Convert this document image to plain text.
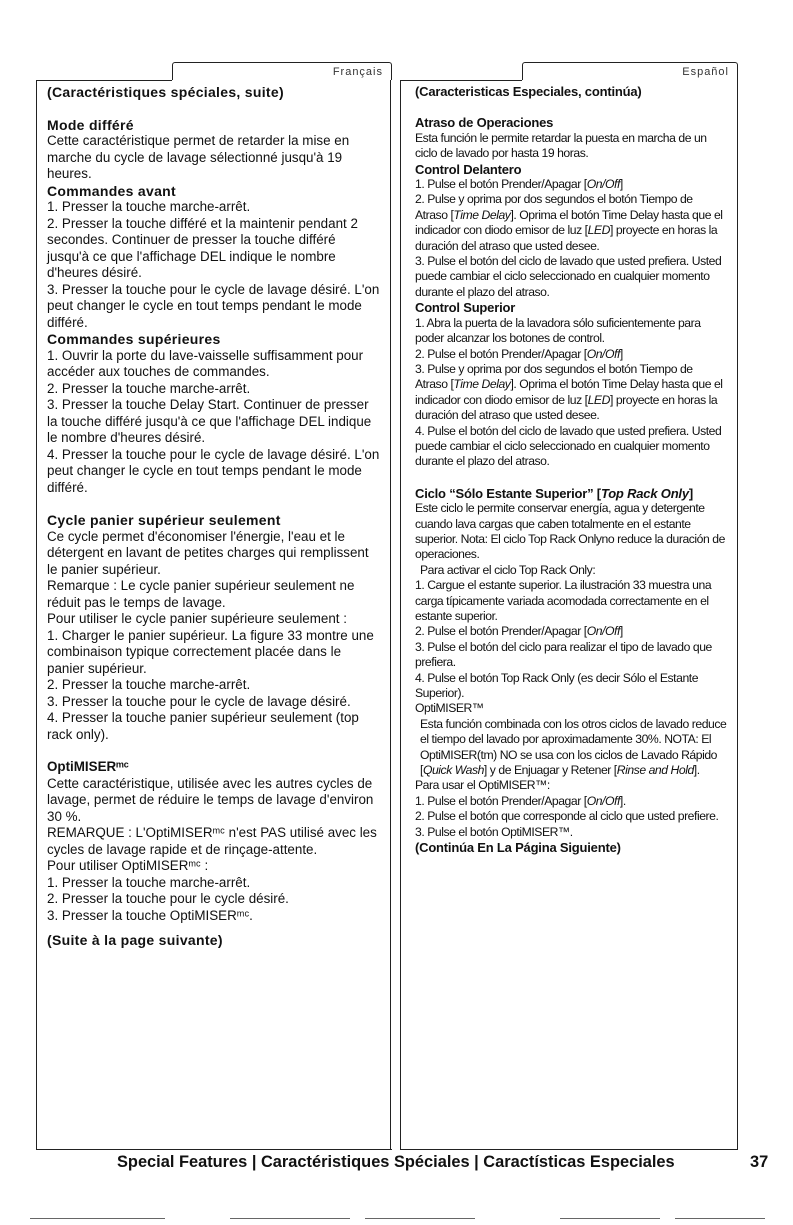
Français	Español

(Caractéristiques spéciales, suite)

Mode différé

Cette caractéristique permet de retarder la mise en marche du cycle de lavage sélectionné jusqu'à 19 heures.

Commandes avant

1. Presser la touche marche-arrêt.

2. Presser la touche différé et la maintenir pendant 2 secondes. Continuer de presser la touche différé jusqu'à ce que l'affichage DEL indique le nombre d'heures désiré.

3. Presser la touche pour le cycle de lavage désiré. L'on peut changer le cycle en tout temps pendant le mode différé.

Commandes supérieures

1. Ouvrir la porte du lave-vaisselle suffisamment pour accéder aux touches de commandes.

2. Presser la touche marche-arrêt.

3. Presser la touche Delay Start. Continuer de presser la touche différé jusqu'à ce que l'affichage DEL indique le nombre d'heures désiré.

4. Presser la touche pour le cycle de lavage désiré. L'on peut changer le cycle en tout temps pendant le mode différé.

Cycle panier supérieur seulement

Ce cycle permet d'économiser l'énergie, l'eau et le détergent en lavant de petites charges qui remplissent le panier supérieur.

Remarque : Le cycle panier supérieur seulement ne réduit pas le temps de lavage.

Pour utiliser le cycle panier supérieure seulement :

1. Charger le panier supérieur. La figure 33 montre une combinaison typique correctement placée dans le panier supérieur.

2. Presser la touche marche-arrêt.

3. Presser la touche pour le cycle de lavage désiré.

4. Presser la touche panier supérieur seulement (top rack only).

OptiMISERᵐᶜ

Cette caractéristique, utilisée avec les autres cycles de lavage, permet de réduire le temps de lavage d'environ 30 %.

REMARQUE : L'OptiMISERᵐᶜ n'est PAS utilisé avec les cycles de lavage rapide et de rinçage-attente.

Pour utiliser OptiMISERᵐᶜ :

1. Presser la touche marche-arrêt.

2. Presser la touche pour le cycle désiré.

3. Presser la touche OptiMISERᵐᶜ.

(Suite à la page suivante)

(Caracteristicas Especiales, continúa)

Atraso de Operaciones

Esta función le permite retardar la puesta en marcha de un ciclo de lavado por hasta 19 horas.

Control Delantero

1. Pulse el botón Prender/Apagar [On/Off]

2. Pulse y oprima por dos segundos el botón Tiempo de Atraso [Time Delay]. Oprima el botón Time Delay hasta que el indicador con diodo emisor de luz [LED] proyecte en horas la duración del atraso que usted desee.

3. Pulse el botón del ciclo de lavado que usted prefiera. Usted puede cambiar el ciclo seleccionado en cualquier momento durante el plazo del atraso.

Control Superior

1. Abra la puerta de la lavadora sólo suficientemente para poder alcanzar los botones de control.

2. Pulse el botón Prender/Apagar [On/Off]

3. Pulse y oprima por dos segundos el botón Tiempo de Atraso [Time Delay]. Oprima el botón Time Delay hasta que el indicador con diodo emisor de luz [LED] proyecte en horas la duración del atraso que usted desee.

4. Pulse el botón del ciclo de lavado que usted prefiera. Usted puede cambiar el ciclo seleccionado en cualquier momento durante el plazo del atraso.

Ciclo “Sólo Estante Superior” [Top Rack Only]

Este ciclo le permite conservar energía, agua y detergente cuando lava cargas que caben totalmente en el estante superior. Nota: El ciclo Top Rack Onlyno reduce la duración de operaciones.

Para activar el ciclo Top Rack Only:

1. Cargue el estante superior. La ilustración 33 muestra una carga típicamente variada acomodada correctamente en el estante superior.

2. Pulse el botón Prender/Apagar [On/Off]

3. Pulse el botón del ciclo para realizar el tipo de lavado que prefiera.

4. Pulse el botón Top Rack Only (es decir Sólo el Estante Superior).

OptiMISER™

Esta función combinada con los otros ciclos de lavado reduce el tiempo del lavado por aproximadamente 30%. NOTA: El OptiMISER(tm) NO se usa con los ciclos de Lavado Rápido [Quick Wash] y de Enjuagar y Retener [Rinse and Hold].

Para usar el OptiMISER™:

1. Pulse el botón Prender/Apagar [On/Off].

2. Pulse el botón que corresponde al ciclo que usted prefiere.

3. Pulse el botón OptiMISER™.

(Continúa En La Página Siguiente)

Special Features | Caractéristiques Spéciales | Caractísticas Especiales	37
